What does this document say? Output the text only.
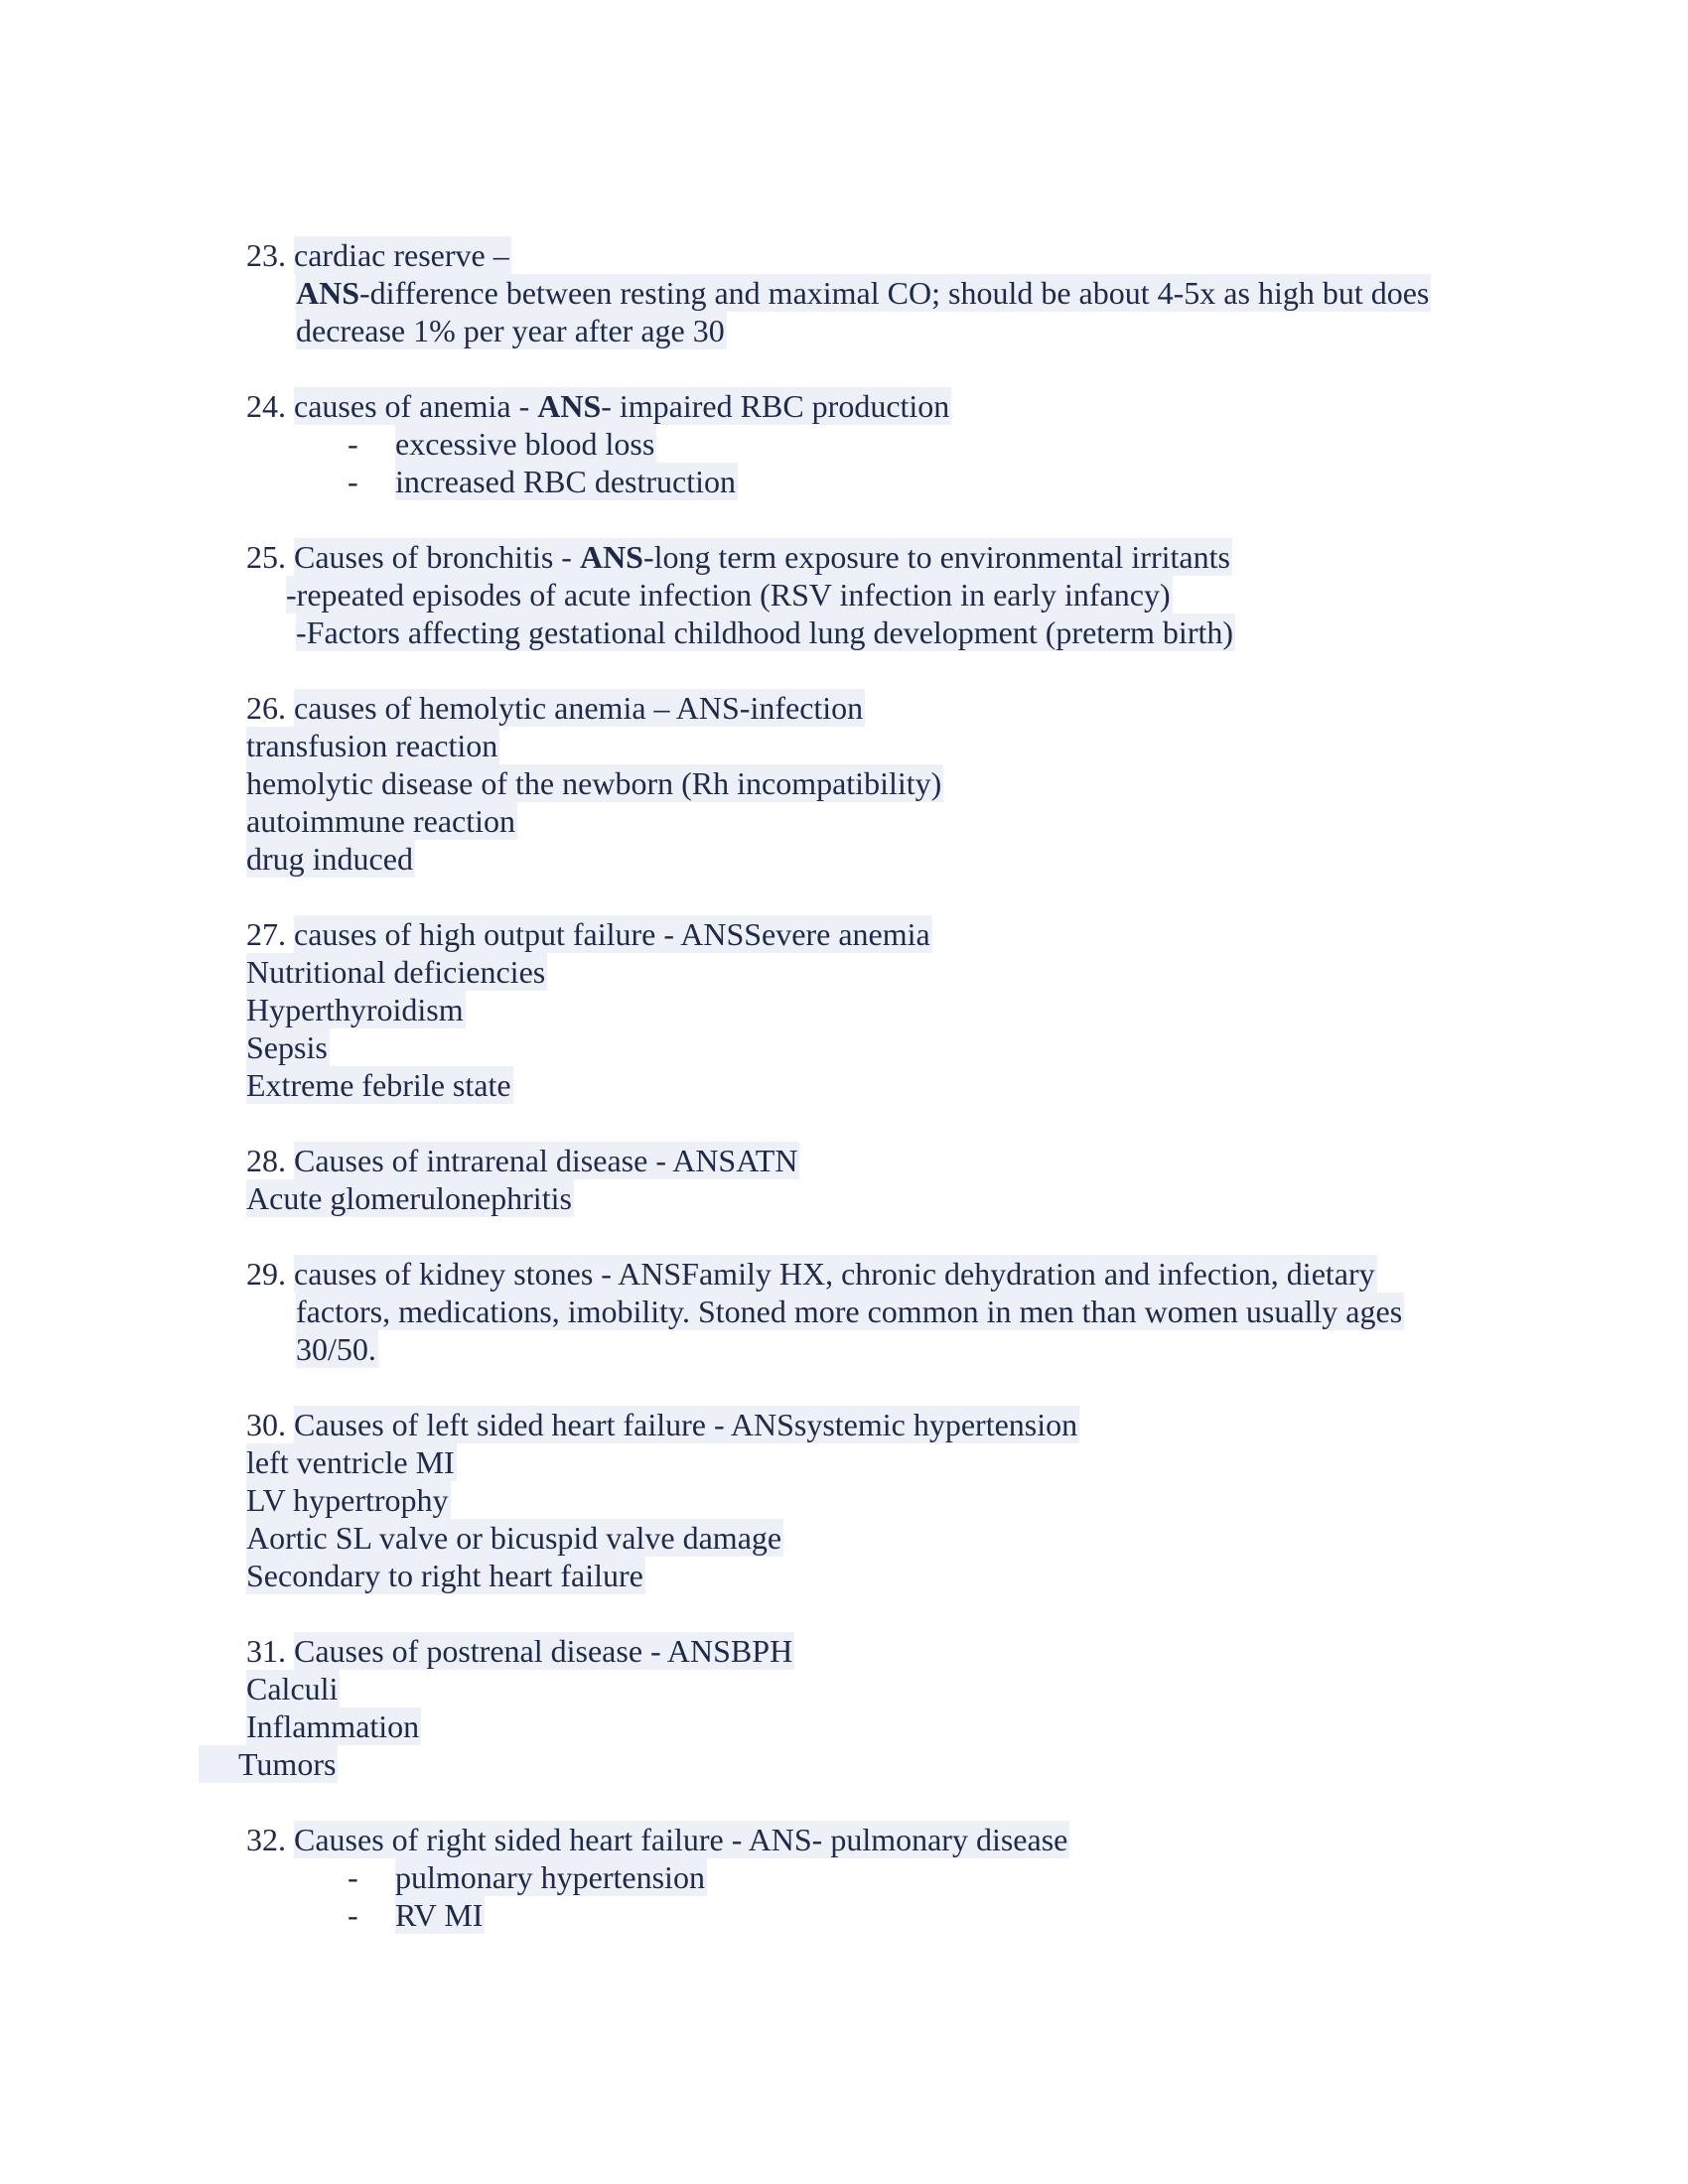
23. cardiac reserve –
ANS-difference between resting and maximal CO; should be about 4-5x as high but does
decrease 1% per year after age 30
24. causes of anemia - ANS- impaired RBC production
- excessive blood loss
- increased RBC destruction
25. Causes of bronchitis - ANS-long term exposure to environmental irritants
-repeated episodes of acute infection (RSV infection in early infancy)
-Factors affecting gestational childhood lung development (preterm birth)
26. causes of hemolytic anemia – ANS-infection
transfusion reaction
hemolytic disease of the newborn (Rh incompatibility)
autoimmune reaction
drug induced
27. causes of high output failure - ANSSevere anemia
Nutritional deficiencies
Hyperthyroidism
Sepsis
Extreme febrile state
28. Causes of intrarenal disease - ANSATN
Acute glomerulonephritis
29. causes of kidney stones - ANSFamily HX, chronic dehydration and infection, dietary
factors, medications, imobility. Stoned more common in men than women usually ages
30/50.
30. Causes of left sided heart failure - ANSsystemic hypertension
left ventricle MI
LV hypertrophy
Aortic SL valve or bicuspid valve damage
Secondary to right heart failure
31. Causes of postrenal disease - ANSBPH
Calculi
Inflammation
Tumors
32. Causes of right sided heart failure - ANS- pulmonary disease
- pulmonary hypertension
- RV MI
